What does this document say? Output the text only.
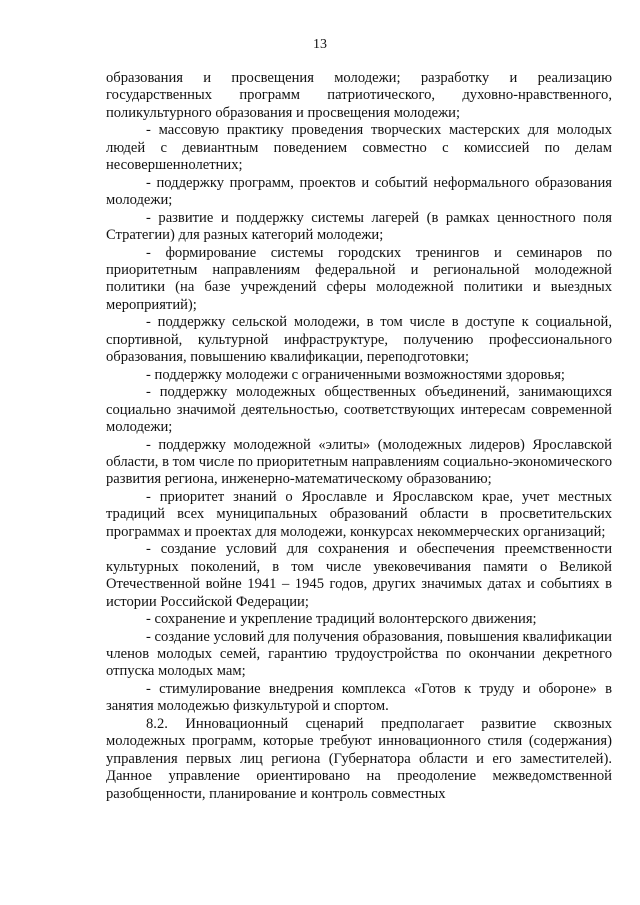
13

образования и просвещения молодежи; разработку и реализацию государственных программ патриотического, духовно-нравственного, поликультурного образования и просвещения молодежи;

- массовую практику проведения творческих мастерских для молодых людей с девиантным поведением совместно с комиссией по делам несовершеннолетних;

- поддержку программ, проектов и событий неформального образования молодежи;

- развитие и поддержку системы лагерей (в рамках ценностного поля Стратегии) для разных категорий молодежи;

- формирование системы городских тренингов и семинаров по приоритетным направлениям федеральной и региональной молодежной политики (на базе учреждений сферы молодежной политики и выездных мероприятий);

- поддержку сельской молодежи, в том числе в доступе к социальной, спортивной, культурной инфраструктуре, получению профессионального образования, повышению квалификации, переподготовки;

- поддержку молодежи с ограниченными возможностями здоровья;

- поддержку молодежных общественных объединений, занимающихся социально значимой деятельностью, соответствующих интересам современной молодежи;

- поддержку молодежной «элиты» (молодежных лидеров) Ярославской области, в том числе по приоритетным направлениям социально-экономического развития региона, инженерно-математическому образованию;

- приоритет знаний о Ярославле и Ярославском крае, учет местных традиций всех муниципальных образований области в просветительских программах и проектах для молодежи, конкурсах некоммерческих организаций;

- создание условий для сохранения и обеспечения преемственности культурных поколений, в том числе увековечивания памяти о Великой Отечественной войне 1941 – 1945 годов, других значимых датах и событиях в истории Российской Федерации;

- сохранение и укрепление традиций волонтерского движения;

- создание условий для получения образования, повышения квалификации членов молодых семей, гарантию трудоустройства по окончании декретного отпуска молодых мам;

- стимулирование внедрения комплекса «Готов к труду и обороне» в занятия молодежью физкультурой и спортом.

8.2. Инновационный сценарий предполагает развитие сквозных молодежных программ, которые требуют инновационного стиля (содержания) управления первых лиц региона (Губернатора области и его заместителей). Данное управление ориентировано на преодоление межведомственной разобщенности, планирование и контроль совместных
